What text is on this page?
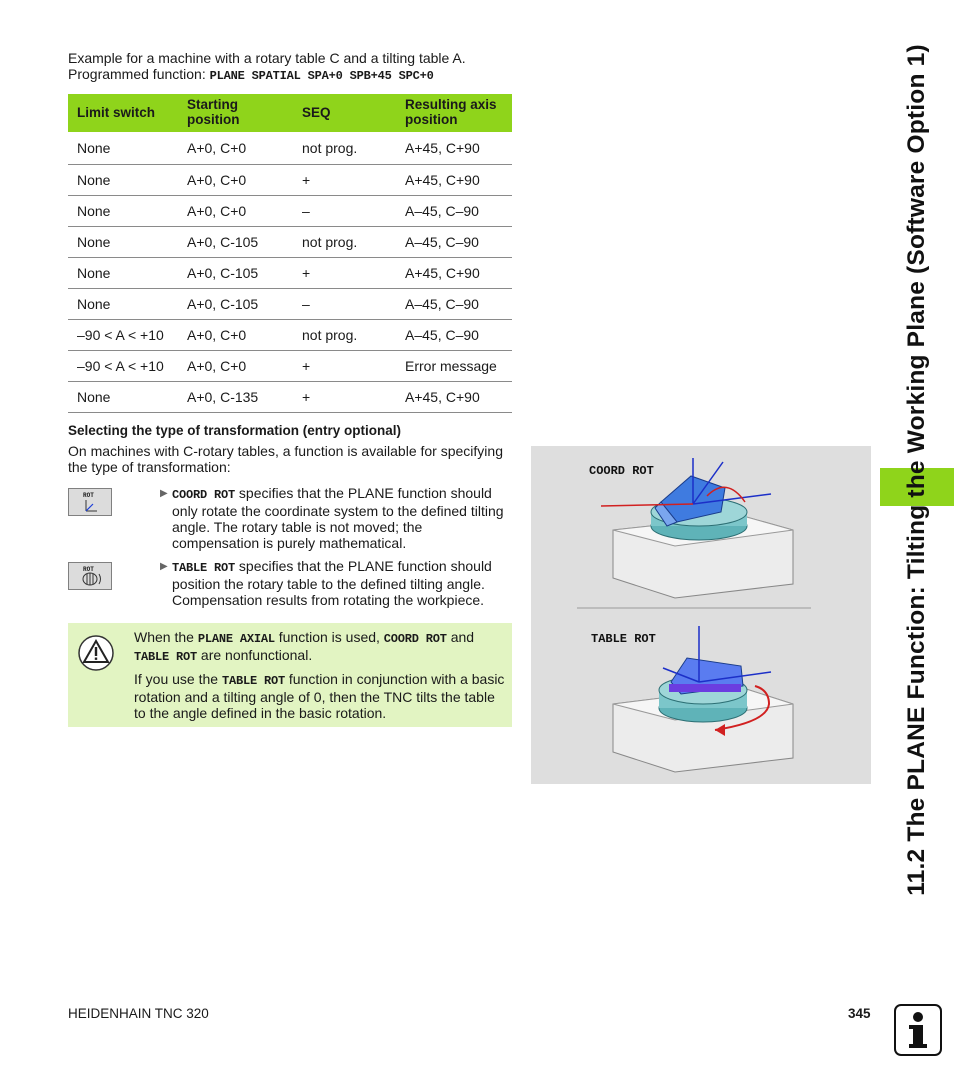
Example for a machine with a rotary table C and a tilting table A.
Programmed function: PLANE SPATIAL SPA+0 SPB+45 SPC+0
Limit switch	Starting position	SEQ	Resulting axis position
None	A+0, C+0	not prog.	A+45, C+90
None	A+0, C+0	+	A+45, C+90
None	A+0, C+0	–	A–45, C–90
None	A+0, C-105	not prog.	A–45, C–90
None	A+0, C-105	+	A+45, C+90
None	A+0, C-105	–	A–45, C–90
–90 < A < +10	A+0, C+0	not prog.	A–45, C–90
–90 < A < +10	A+0, C+0	+	Error message
None	A+0, C-135	+	A+45, C+90
Selecting the type of transformation (entry optional)
On machines with C-rotary tables, a function is available for specifying the type of transformation:
ROT
ROT
▶ COORD ROT specifies that the PLANE function should only rotate the coordinate system to the defined tilting angle. The rotary table is not moved; the compensation is purely mathematical.
▶ TABLE ROT specifies that the PLANE function should position the rotary table to the defined tilting angle. Compensation results from rotating the workpiece.
When the PLANE AXIAL function is used, COORD ROT and TABLE ROT are nonfunctional.
If you use the TABLE ROT function in conjunction with a basic rotation and a tilting angle of 0, then the TNC tilts the table to the angle defined in the basic rotation.
COORD ROT
TABLE ROT	11.2 The PLANE Function: Tilting the Working Plane (Software Option 1)
HEIDENHAIN TNC 320	345
